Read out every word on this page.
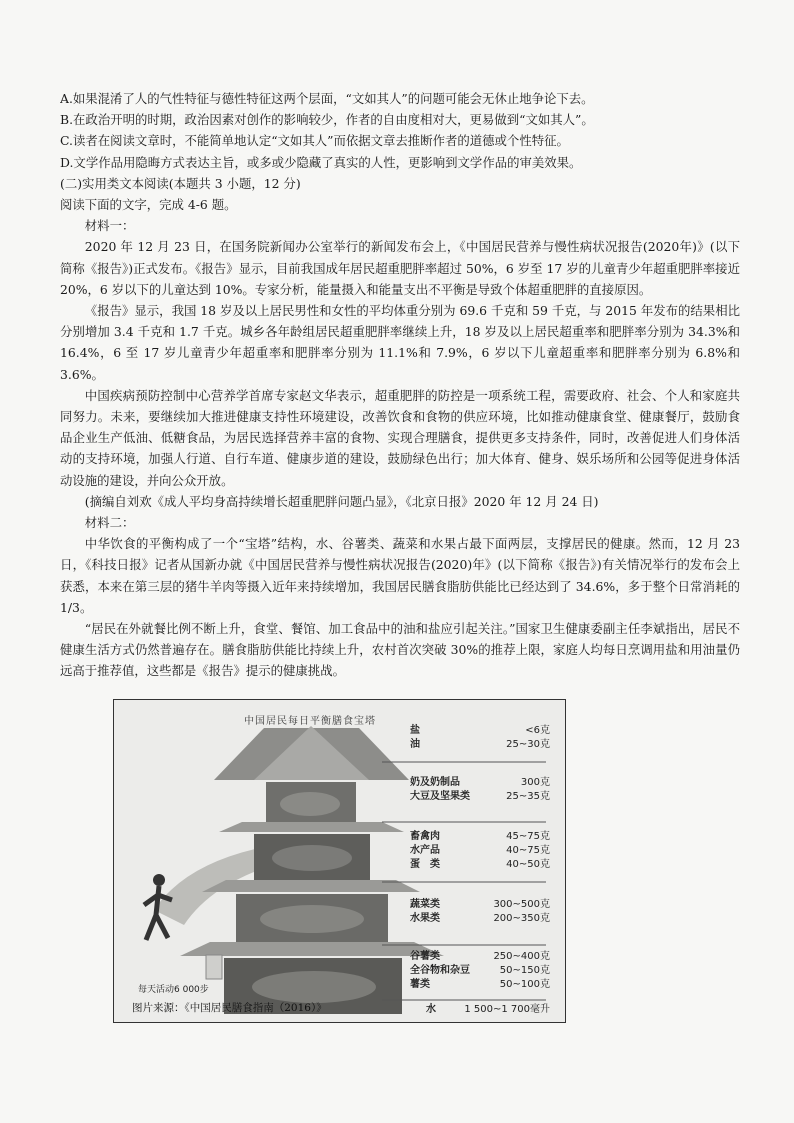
A.如果混淆了人的气性特征与德性特征这两个层面，“文如其人”的问题可能会无休止地争论下去。
B.在政治开明的时期，政治因素对创作的影响较少，作者的自由度相对大，更易做到“文如其人”。
C.读者在阅读文章时，不能简单地认定“文如其人”而依据文章去推断作者的道德或个性特征。
D.文学作品用隐晦方式表达主旨，或多或少隐藏了真实的人性，更影响到文学作品的审美效果。

(二)实用类文本阅读(本题共 3 小题，12 分)

阅读下面的文字，完成 4-6 题。

材料一：

2020 年 12 月 23 日，在国务院新闻办公室举行的新闻发布会上，《中国居民营养与慢性病状况报告(2020年)》(以下简称《报告》)正式发布。《报告》显示，目前我国成年居民超重肥胖率超过 50%，6 岁至 17 岁的儿童青少年超重肥胖率接近 20%，6 岁以下的儿童达到 10%。专家分析，能量摄入和能量支出不平衡是导致个体超重肥胖的直接原因。

《报告》显示，我国 18 岁及以上居民男性和女性的平均体重分别为 69.6 千克和 59 千克，与 2015 年发布的结果相比分别增加 3.4 千克和 1.7 千克。城乡各年龄组居民超重肥胖率继续上升，18 岁及以上居民超重率和肥胖率分别为 34.3%和 16.4%，6 至 17 岁儿童青少年超重率和肥胖率分别为 11.1%和 7.9%，6 岁以下儿童超重率和肥胖率分别为 6.8%和 3.6%。

中国疾病预防控制中心营养学首席专家赵文华表示，超重肥胖的防控是一项系统工程，需要政府、社会、个人和家庭共同努力。未来，要继续加大推进健康支持性环境建设，改善饮食和食物的供应环境，比如推动健康食堂、健康餐厅，鼓励食品企业生产低油、低糖食品，为居民选择营养丰富的食物、实现合理膳食，提供更多支持条件，同时，改善促进人们身体活动的支持环境，加强人行道、自行车道、健康步道的建设，鼓励绿色出行；加大体育、健身、娱乐场所和公园等促进身体活动设施的建设，并向公众开放。

(摘编自刘欢《成人平均身高持续增长超重肥胖问题凸显》，《北京日报》2020 年 12 月 24 日)

材料二：

中华饮食的平衡构成了一个“宝塔”结构，水、谷薯类、蔬菜和水果占最下面两层，支撑居民的健康。然而，12 月 23 日，《科技日报》记者从国新办就《中国居民营养与慢性病状况报告(2020)年》(以下简称《报告》)有关情况举行的发布会上获悉，本来在第三层的猪牛羊肉等摄入近年来持续增加，我国居民膳食脂肪供能比已经达到了 34.6%，多于整个日常消耗的 1/3。

“居民在外就餐比例不断上升，食堂、餐馆、加工食品中的油和盐应引起关注。”国家卫生健康委副主任李斌指出，居民不健康生活方式仍然普遍存在。膳食脂肪供能比持续上升，农村首次突破 30%的推荐上限，家庭人均每日烹调用盐和用油量仍远高于推荐值，这些都是《报告》提示的健康挑战。

中国居民每日平衡膳食宝塔
盐	<6克
油	25~30克
奶及奶制品	300克
大豆及坚果类	25~35克
畜禽肉	45~75克
水产品	40~75克
蛋　类	40~50克
蔬菜类	300~500克
水果类	200~350克
谷薯类	250~400克
全谷物和杂豆	50~150克
薯类	50~100克
水	1 500~1 700毫升
每天活动6 000步
图片来源：《中国居民膳食指南（2016）》
